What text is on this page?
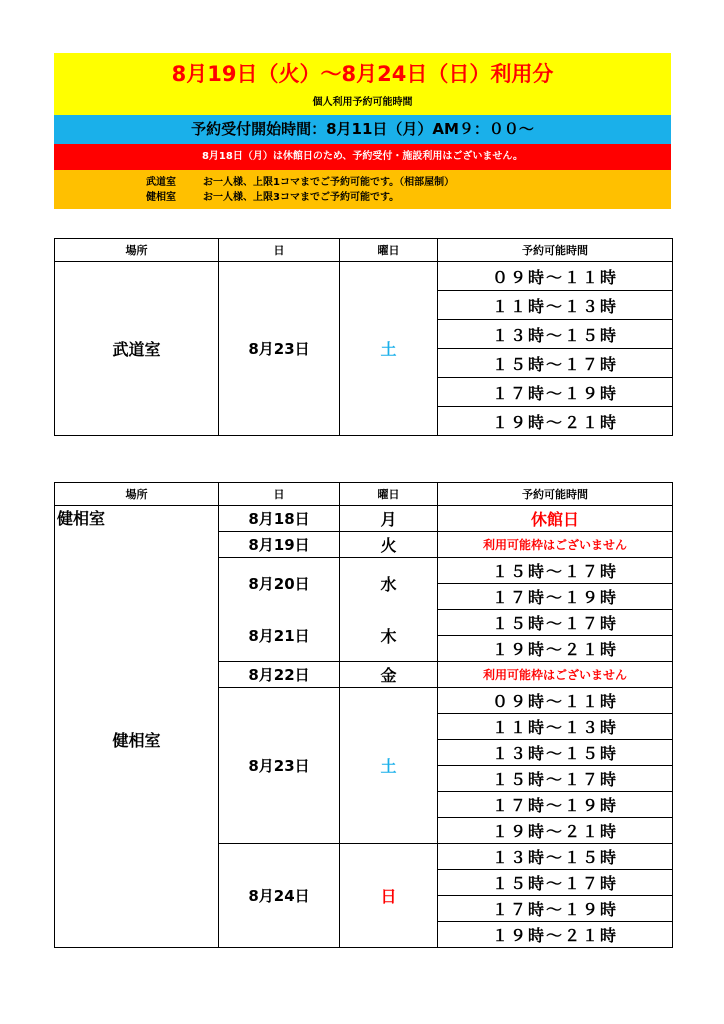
8月19日（火）～8月24日（日）利用分
個人利用予約可能時間
予約受付開始時間：8月11日（月）AM９：００～
8月18日（月）は休館日のため、予約受付・施設利用はございません。
武道室	お一人様、上限1コマまでご予約可能です。（相部屋制）
健相室	お一人様、上限3コマまでご予約可能です。
場所	日	曜日	予約可能時間
武道室	8月23日	土	０９時～１１時
			１１時～１３時
			１３時～１５時
			１５時～１７時
			１７時～１９時
			１９時～２１時
場所	日	曜日	予約可能時間
健相室	8月18日	月	休館日
健相室	8月19日	火	利用可能枠はございません
	8月20日	水	１５時～１７時
			１７時～１９時
	8月21日	木	１５時～１７時
			１９時～２１時
	8月22日	金	利用可能枠はございません
	8月23日	土	０９時～１１時
			１１時～１３時
			１３時～１５時
			１５時～１７時
			１７時～１９時
			１９時～２１時
	8月24日	日	１３時～１５時
			１５時～１７時
			１７時～１９時
			１９時～２１時
